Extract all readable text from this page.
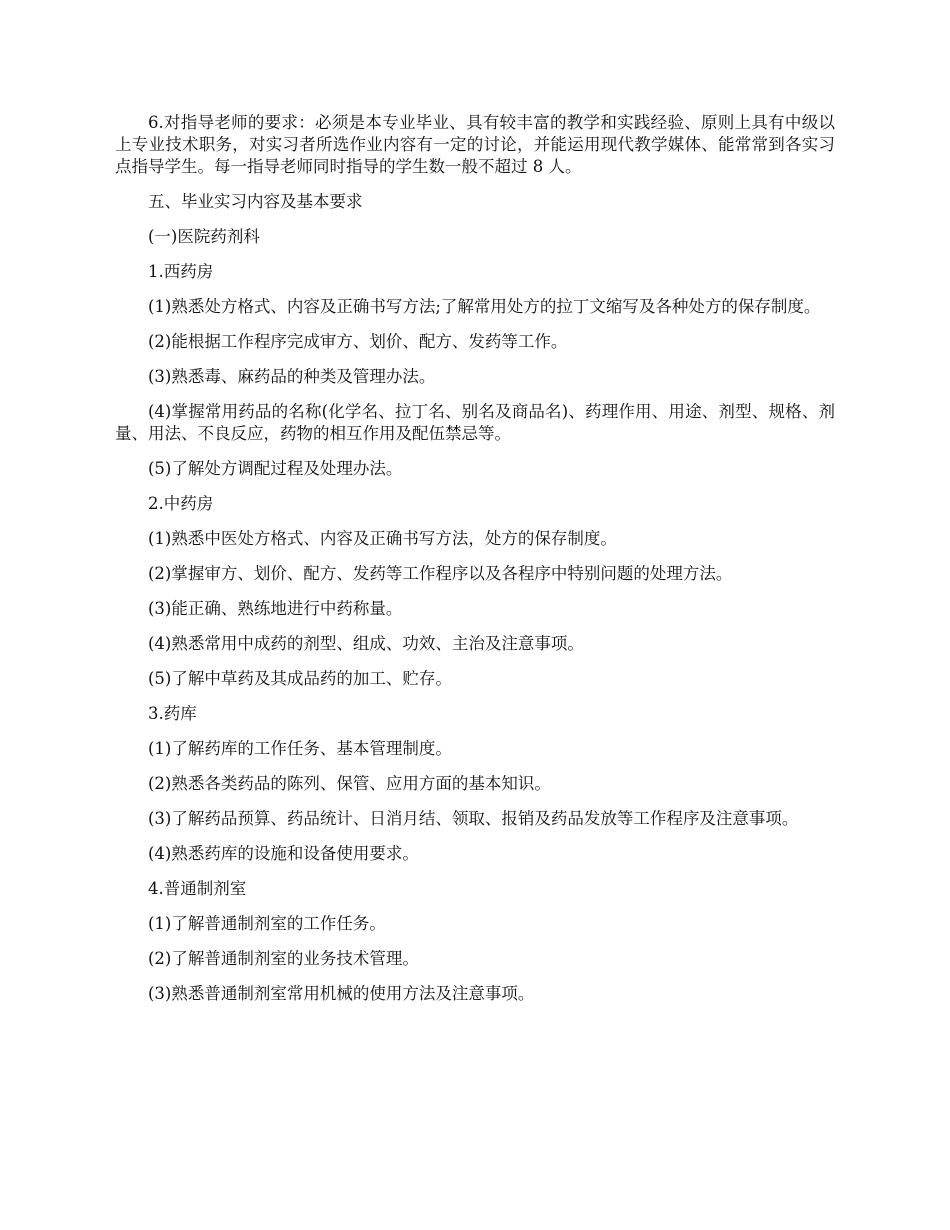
6.对指导老师的要求：必须是本专业毕业、具有较丰富的教学和实践经验、原则上具有中级以上专业技术职务，对实习者所选作业内容有一定的讨论，并能运用现代教学媒体、能常常到各实习点指导学生。每一指导老师同时指导的学生数一般不超过 8 人。

五、毕业实习内容及基本要求

(一)医院药剂科

1.西药房

(1)熟悉处方格式、内容及正确书写方法;了解常用处方的拉丁文缩写及各种处方的保存制度。

(2)能根据工作程序完成审方、划价、配方、发药等工作。

(3)熟悉毒、麻药品的种类及管理办法。

(4)掌握常用药品的名称(化学名、拉丁名、别名及商品名)、药理作用、用途、剂型、规格、剂量、用法、不良反应，药物的相互作用及配伍禁忌等。

(5)了解处方调配过程及处理办法。

2.中药房

(1)熟悉中医处方格式、内容及正确书写方法，处方的保存制度。

(2)掌握审方、划价、配方、发药等工作程序以及各程序中特别问题的处理方法。

(3)能正确、熟练地进行中药称量。

(4)熟悉常用中成药的剂型、组成、功效、主治及注意事项。

(5)了解中草药及其成品药的加工、贮存。

3.药库

(1)了解药库的工作任务、基本管理制度。

(2)熟悉各类药品的陈列、保管、应用方面的基本知识。

(3)了解药品预算、药品统计、日消月结、领取、报销及药品发放等工作程序及注意事项。

(4)熟悉药库的设施和设备使用要求。

4.普通制剂室

(1)了解普通制剂室的工作任务。

(2)了解普通制剂室的业务技术管理。

(3)熟悉普通制剂室常用机械的使用方法及注意事项。
